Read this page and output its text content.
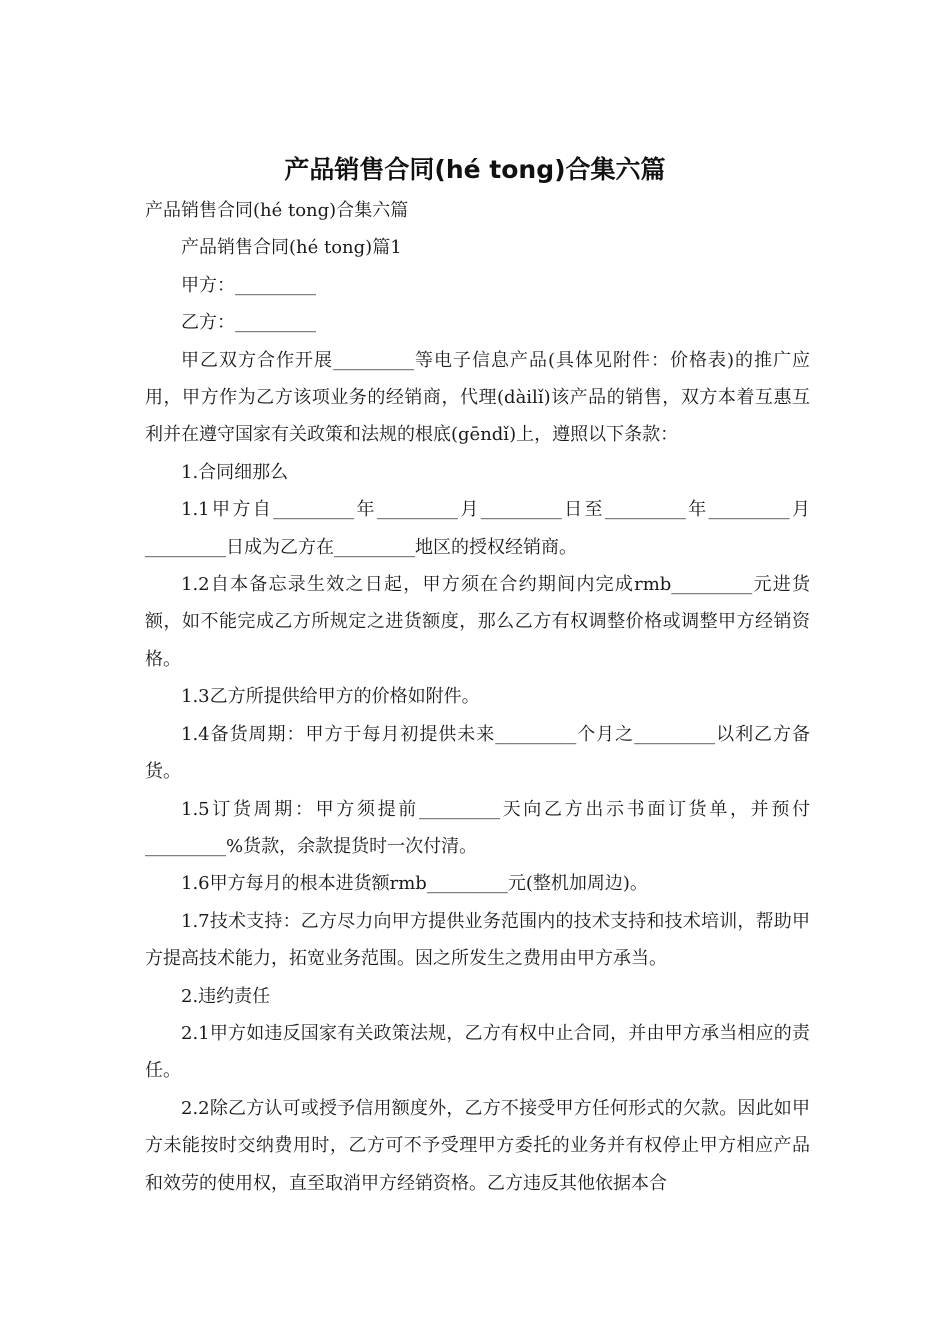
产品销售合同(hé tong)合集六篇

产品销售合同(hé tong)合集六篇

产品销售合同(hé tong)篇1

甲方：_________

乙方：_________

甲乙双方合作开展_________等电子信息产品(具体见附件：价格表)的推广应用，甲方作为乙方该项业务的经销商，代理(dàilǐ)该产品的销售，双方本着互惠互利并在遵守国家有关政策和法规的根底(gēndǐ)上，遵照以下条款：

1.合同细那么

1.1甲方自_________年_________月_________日至_________年_________月_________日成为乙方在_________地区的授权经销商。

1.2自本备忘录生效之日起，甲方须在合约期间内完成rmb_________元进货额，如不能完成乙方所规定之进货额度，那么乙方有权调整价格或调整甲方经销资格。

1.3乙方所提供给甲方的价格如附件。

1.4备货周期：甲方于每月初提供未来_________个月之_________以利乙方备货。

1.5订货周期：甲方须提前_________天向乙方出示书面订货单，并预付_________%货款，余款提货时一次付清。

1.6甲方每月的根本进货额rmb_________元(整机加周边)。

1.7技术支持：乙方尽力向甲方提供业务范围内的技术支持和技术培训，帮助甲方提高技术能力，拓宽业务范围。因之所发生之费用由甲方承当。

2.违约责任

2.1甲方如违反国家有关政策法规，乙方有权中止合同，并由甲方承当相应的责任。

2.2除乙方认可或授予信用额度外，乙方不接受甲方任何形式的欠款。因此如甲方未能按时交纳费用时，乙方可不予受理甲方委托的业务并有权停止甲方相应产品和效劳的使用权，直至取消甲方经销资格。乙方违反其他依据本合
